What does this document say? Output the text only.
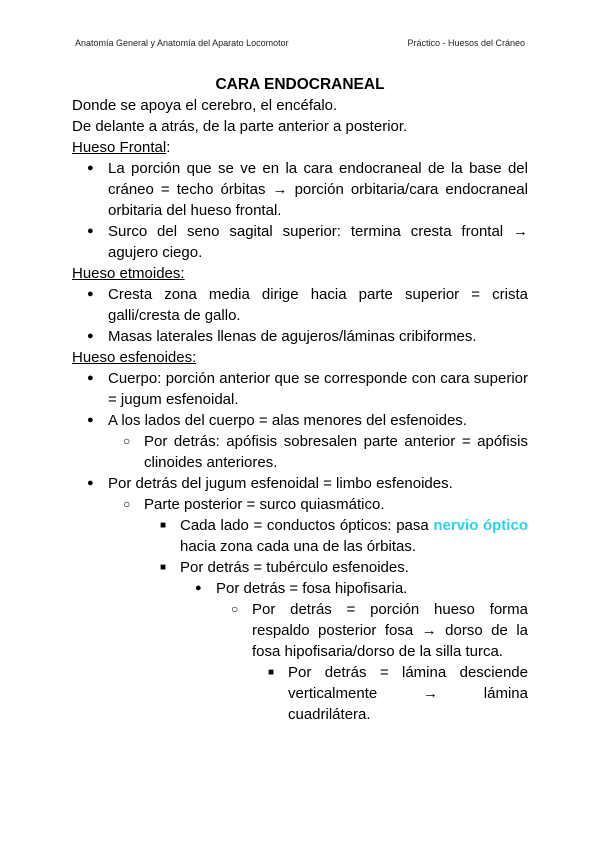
Anatomía General y Anatomía del Aparato Locomotor	Práctico - Huesos del Cráneo
CARA ENDOCRANEAL

Donde se apoya el cerebro, el encéfalo.

De delante a atrás, de la parte anterior a posterior.

Hueso Frontal:

● La porción que se ve en la cara endocraneal de la base del cráneo = techo órbitas → porción orbitaria/cara endocraneal orbitaria del hueso frontal.
● Surco del seno sagital superior: termina cresta frontal → agujero ciego.

Hueso etmoides:

● Cresta zona media dirige hacia parte superior = crista galli/cresta de gallo.
● Masas laterales llenas de agujeros/láminas cribiformes.

Hueso esfenoides:

● Cuerpo: porción anterior que se corresponde con cara superior = jugum esfenoidal.
● A los lados del cuerpo = alas menores del esfenoides.
○ Por detrás: apófisis sobresalen parte anterior = apófisis clinoides anteriores.
● Por detrás del jugum esfenoidal = limbo esfenoides.
○ Parte posterior = surco quiasmático.
■ Cada lado = conductos ópticos: pasa nervio óptico hacia zona cada una de las órbitas.
■ Por detrás = tubérculo esfenoides.
● Por detrás = fosa hipofisaria.
○ Por detrás = porción hueso forma respaldo posterior fosa → dorso de la fosa hipofisaria/dorso de la silla turca.
■ Por detrás = lámina desciende verticalmente → lámina cuadrilátera.
